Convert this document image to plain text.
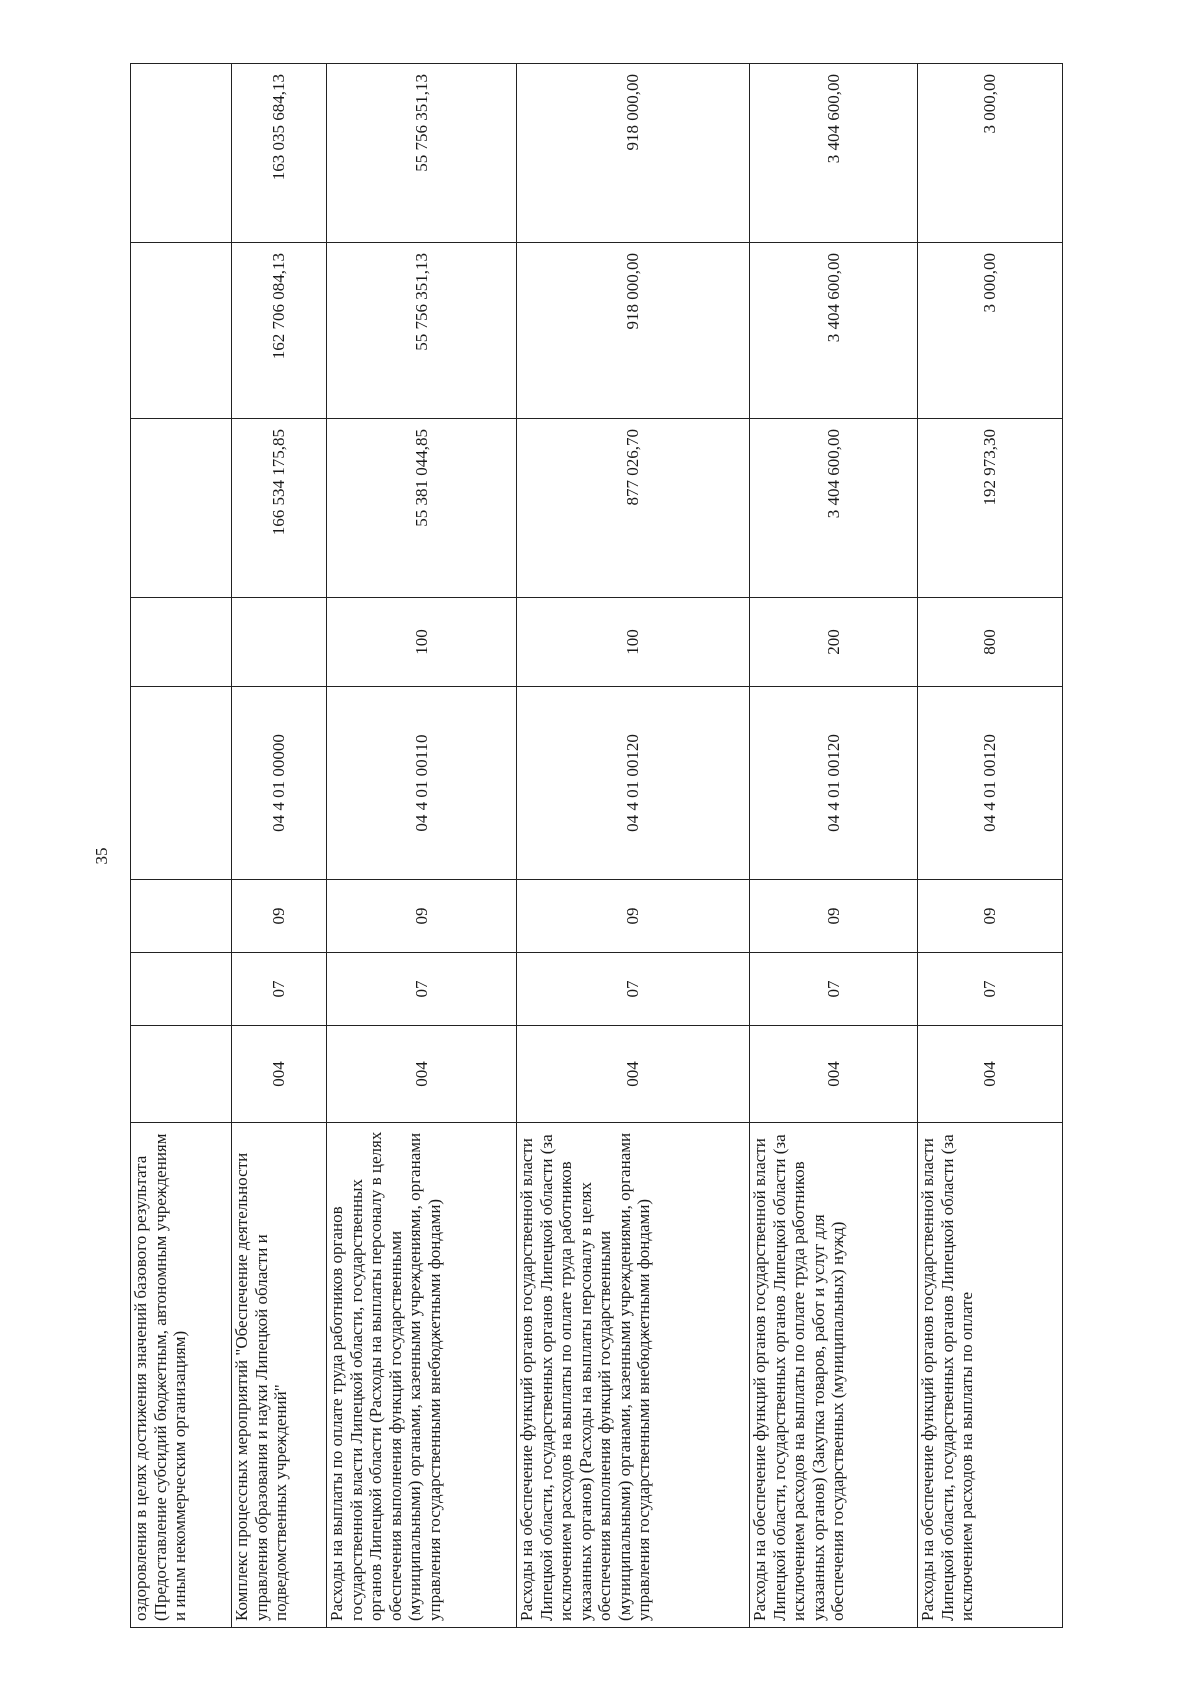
35
оздоровления в целях достижения значений базового результата (Предоставление субсидий бюджетным, автономным учреждениям и иным некоммерческим организациям)								
Комплекс процессных мероприятий "Обеспечение деятельности управления образования и науки Липецкой области и подведомственных учреждений"	004	07	09	04 4 01 00000		166 534 175,85	162 706 084,13	163 035 684,13
Расходы на выплаты по оплате труда работников органов государственной власти Липецкой области, государственных органов Липецкой области (Расходы на выплаты персоналу в целях обеспечения выполнения функций государственными (муниципальными) органами, казенными учреждениями, органами управления государственными внебюджетными фондами)	004	07	09	04 4 01 00110	100	55 381 044,85	55 756 351,13	55 756 351,13
Расходы на обеспечение функций органов государственной власти Липецкой области, государственных органов Липецкой области (за исключением расходов на выплаты по оплате труда работников указанных органов) (Расходы на выплаты персоналу в целях обеспечения выполнения функций государственными (муниципальными) органами, казенными учреждениями, органами управления государственными внебюджетными фондами)	004	07	09	04 4 01 00120	100	877 026,70	918 000,00	918 000,00
Расходы на обеспечение функций органов государственной власти Липецкой области, государственных органов Липецкой области (за исключением расходов на выплаты по оплате труда работников указанных органов) (Закупка товаров, работ и услуг для обеспечения государственных (муниципальных) нужд)	004	07	09	04 4 01 00120	200	3 404 600,00	3 404 600,00	3 404 600,00
Расходы на обеспечение функций органов государственной власти Липецкой области, государственных органов Липецкой области (за исключением расходов на выплаты по оплате	004	07	09	04 4 01 00120	800	192 973,30	3 000,00	3 000,00
